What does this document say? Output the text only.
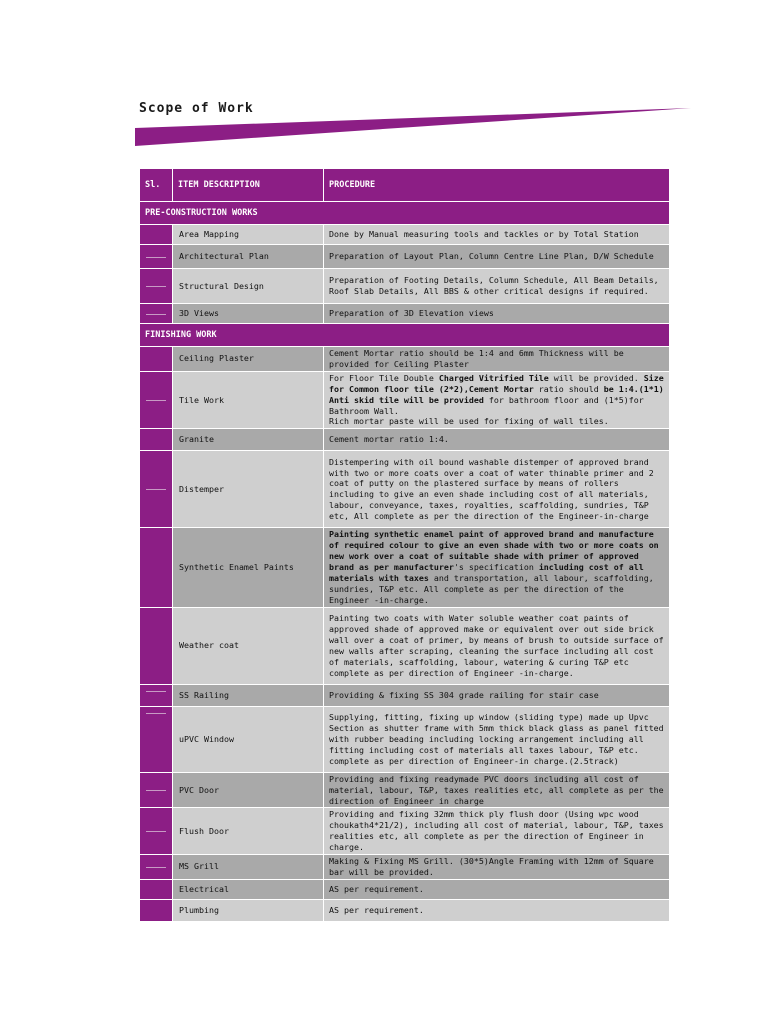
Scope of Work
Sl.	ITEM DESCRIPTION	PROCEDURE
PRE-CONSTRUCTION WORKS		
	Area Mapping	Done by Manual measuring tools and tackles or by Total Station

	Architectural Plan	Preparation of Layout Plan, Column Centre Line Plan, D/W Schedule

	Structural Design	Preparation of Footing Details, Column Schedule, All Beam Details, Roof Slab Details, All BBS & other critical designs if required.

	3D Views	Preparation of 3D Elevation views
FINISHING WORK		
	Ceiling Plaster	Cement Mortar ratio should be 1:4 and 6mm Thickness will be provided for Ceiling Plaster

	Tile Work	For Floor Tile Double Charged Vitrified Tile will be provided. Size for Common floor tile (2*2),Cement Mortar ratio should be 1:4.(1*1) Anti skid tile will be provided for bathroom floor and (1*5)for Bathroom Wall.
Rich mortar paste will be used for fixing of wall tiles.
	Granite	Cement mortar ratio 1:4.

	Distemper	Distempering with oil bound washable distemper of approved brand with two or more coats over a coat of water thinable primer and 2 coat of putty on the plastered surface by means of rollers including to give an even shade including cost of all materials, labour, conveyance, taxes, royalties, scaffolding, sundries, T&P etc, All complete as per the direction of the Engineer-in-charge
	Synthetic Enamel Paints	Painting synthetic enamel paint of approved brand and manufacture of required colour to give an even shade with two or more coats on new work over a coat of suitable shade with primer of approved brand as per manufacturer's specification including cost of all materials with taxes and transportation, all labour, scaffolding, sundries, T&P etc. All complete as per the direction of the Engineer -in-charge.
	Weather coat	Painting two coats with Water soluble weather coat paints of approved shade of approved make or equivalent over out side brick wall over a coat of primer, by means of brush to outside surface of new walls after scraping, cleaning the surface including all cost of materials, scaffolding, labour, watering & curing T&P etc complete as per direction of Engineer -in-charge.

	SS Railing	Providing & fixing SS 304 grade railing for stair case

	uPVC Window	Supplying, fitting, fixing up window (sliding type) made up Upvc Section as shutter frame with 5mm thick black glass as panel fitted with rubber beading including locking arrangement including all fitting including cost of materials all taxes labour, T&P etc. complete as per direction of Engineer-in charge.(2.5track)

	PVC Door	Providing and fixing readymade PVC doors including all cost of material, labour, T&P, taxes realities etc, all complete as per the direction of Engineer in charge

	Flush Door	Providing and fixing 32mm thick ply flush door (Using wpc wood choukath4*21/2), including all cost of material, labour, T&P, taxes realities etc, all complete as per the direction of Engineer in charge.

	MS Grill	Making & Fixing MS Grill. (30*5)Angle Framing with 12mm of Square bar will be provided.
	Electrical	AS per requirement.
	Plumbing	AS per requirement.
